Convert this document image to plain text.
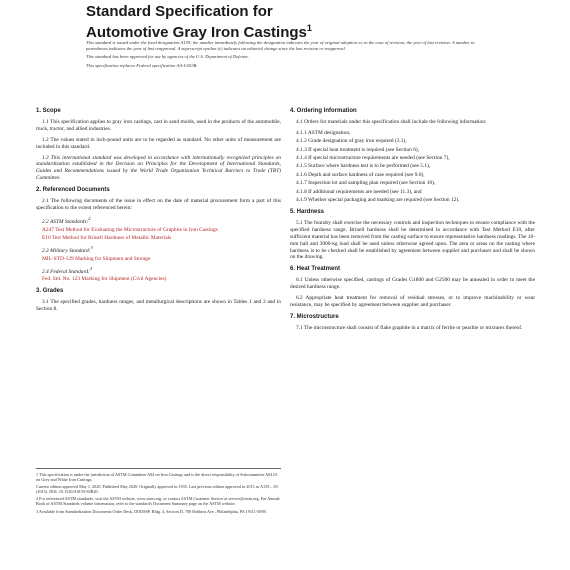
Standard Specification for
Automotive Gray Iron Castings$^1$

This standard is issued under the fixed designation A159; the number immediately following the designation indicates the year of original adoption or, in the case of revision, the year of last revision. A number in parentheses indicates the year of last reapproval. A superscript epsilon (ε) indicates an editorial change since the last revision or reapproval.

This standard has been approved for use by agencies of the U.S. Department of Defense.

This specification replaces Federal specification AA-I-653B.

1. Scope

1.1 This specification applies to gray iron castings, cast in sand molds, used in the products of the automobile, truck, tractor, and allied industries.

1.2 The values stated in inch-pound units are to be regarded as standard. No other units of measurement are included in this standard.

1.3 This international standard was developed in accordance with internationally recognized principles on standardization established in the Decision on Principles for the Development of International Standards, Guides and Recommendations issued by the World Trade Organization Technical Barriers to Trade (TBT) Committee.

2. Referenced Documents

2.1 The following documents of the issue in effect on the date of material procurement form a part of this specification to the extent referenced herein:

2.2 ASTM Standards:$^2$
A247 Test Method for Evaluating the Microstructure of Graphite in Iron Castings
E10 Test Method for Brinell Hardness of Metallic Materials
2.3 Military Standard:$^3$
MIL-STD-129 Marking for Shipment and Storage
2.4 Federal Standard:$^3$
Fed. Std. No. 123 Marking for Shipment (Civil Agencies)
3. Grades

3.1 The specified grades, hardness ranges, and metallurgical descriptions are shown in Tables 1 and 2 and in Section 8.

1 This specification is under the jurisdiction of ASTM Committee A04 on Iron Castings and is the direct responsibility of Subcommittee A04.01 on Grey and White Iron Castings.

Current edition approved May 1, 2020. Published May 2020. Originally approved in 1935. Last previous edition approved in 2015 as A159 – 83 (2015). DOI: 10.1520/A0159-83R20.

2 For referenced ASTM standards, visit the ASTM website, www.astm.org, or contact ASTM Customer Service at service@astm.org. For Annual Book of ASTM Standards volume information, refer to the standard's Document Summary page on the ASTM website.

3 Available from Standardization Documents Order Desk, DODSSP, Bldg. 4, Section D, 700 Robbins Ave., Philadelphia, PA 19111-5098.

4. Ordering Information

4.1 Orders for materials under this specification shall include the following information:

4.1.1 ASTM designation,
4.1.2 Grade designation of gray iron required (3.1),
4.1.3 If special heat treatment is required (see Section 6),
4.1.4 If special microstructure requirements are needed (see Section 7),
4.1.5 Surface where hardness test is to be performed (see 5.1),
4.1.6 Depth and surface hardness of case required (see 9.6),
4.1.7 Inspection lot and sampling plan required (see Section 10),
4.1.8 If additional requirements are needed (see 11.3), and
4.1.9 Whether special packaging and marking are required (see Section 12).
5. Hardness

5.1 The foundry shall exercise the necessary controls and inspection techniques to ensure compliance with the specified hardness range. Brinell hardness shall be determined in accordance with Test Method E10, after sufficient material has been removed from the casting surface to ensure representative hardness readings. The 10-mm ball and 3000-kg load shall be used unless otherwise agreed upon. The area or areas on the casting where hardness is to be checked shall be established by agreement between supplier and purchaser and shall be shown on the drawing.

6. Heat Treatment

6.1 Unless otherwise specified, castings of Grades G1800 and G2500 may be annealed in order to meet the desired hardness range.

6.2 Appropriate heat treatment for removal of residual stresses, or to improve machinability or wear resistance, may be specified by agreement between supplier and purchaser.

7. Microstructure

7.1 The microstructure shall consist of flake graphite in a matrix of ferrite or pearlite or mixtures thereof.
